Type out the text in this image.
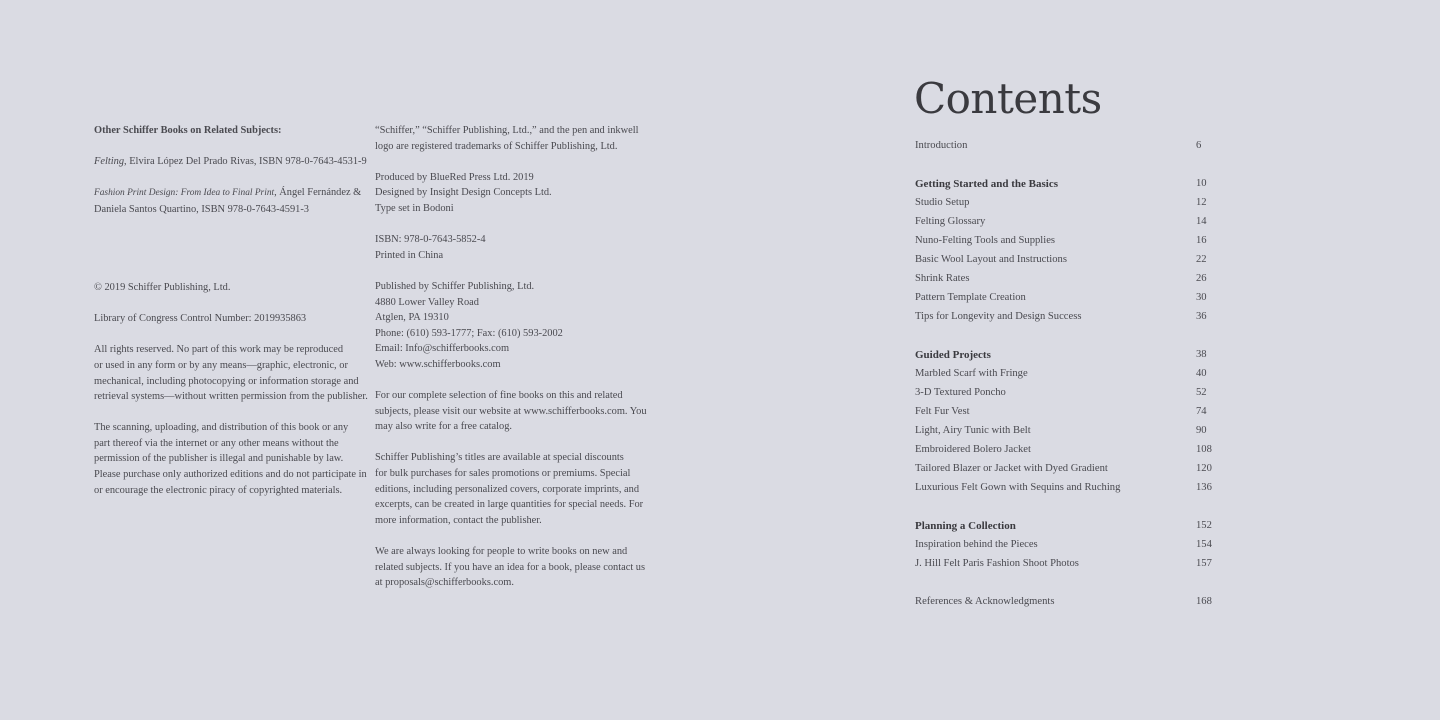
Other Schiffer Books on Related Subjects:
Felting, Elvira López Del Prado Rivas, ISBN 978-0-7643-4531-9
Fashion Print Design: From Idea to Final Print, Ángel Fernández &
Daniela Santos Quartino, ISBN 978-0-7643-4591-3
© 2019 Schiffer Publishing, Ltd.
Library of Congress Control Number: 2019935863
All rights reserved. No part of this work may be reproduced
or used in any form or by any means—graphic, electronic, or
mechanical, including photocopying or information storage and
retrieval systems—without written permission from the publisher.
The scanning, uploading, and distribution of this book or any
part thereof via the internet or any other means without the
permission of the publisher is illegal and punishable by law.
Please purchase only authorized editions and do not participate in
or encourage the electronic piracy of copyrighted materials.
“Schiffer,” “Schiffer Publishing, Ltd.,” and the pen and inkwell
logo are registered trademarks of Schiffer Publishing, Ltd.
Produced by BlueRed Press Ltd. 2019
Designed by Insight Design Concepts Ltd.
Type set in Bodoni
ISBN: 978-0-7643-5852-4
Printed in China
Published by Schiffer Publishing, Ltd.
4880 Lower Valley Road
Atglen, PA 19310
Phone: (610) 593-1777; Fax: (610) 593-2002
Email: Info@schifferbooks.com
Web: www.schifferbooks.com
For our complete selection of fine books on this and related
subjects, please visit our website at www.schifferbooks.com. You
may also write for a free catalog.
Schiffer Publishing’s titles are available at special discounts
for bulk purchases for sales promotions or premiums. Special
editions, including personalized covers, corporate imprints, and
excerpts, can be created in large quantities for special needs. For
more information, contact the publisher.
We are always looking for people to write books on new and
related subjects. If you have an idea for a book, please contact us
at proposals@schifferbooks.com.
Contents
Introduction	6
Getting Started and the Basics	10
Studio Setup	12
Felting Glossary	14
Nuno-Felting Tools and Supplies	16
Basic Wool Layout and Instructions	22
Shrink Rates	26
Pattern Template Creation	30
Tips for Longevity and Design Success	36
Guided Projects	38
Marbled Scarf with Fringe	40
3-D Textured Poncho	52
Felt Fur Vest	74
Light, Airy Tunic with Belt	90
Embroidered Bolero Jacket	108
Tailored Blazer or Jacket with Dyed Gradient	120
Luxurious Felt Gown with Sequins and Ruching	136
Planning a Collection	152
Inspiration behind the Pieces	154
J. Hill Felt Paris Fashion Shoot Photos	157
References & Acknowledgments	168
